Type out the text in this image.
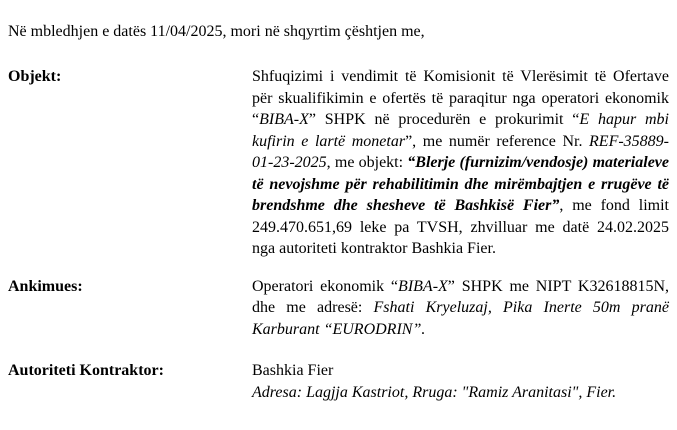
Në mbledhjen e datës 11/04/2025, mori në shqyrtim çështjen me,

Objekt:	Shfuqizimi i vendimit të Komisionit të Vlerësimit të Ofertave për skualifikimin e ofertës të paraqitur nga operatori ekonomik “BIBA-X” SHPK në procedurën e prokurimit “E hapur mbi kufirin e lartë monetar”, me numër reference Nr. REF-35889-01-23-2025, me objekt: “Blerje (furnizim/vendosje) materialeve të nevojshme për rehabilitimin dhe mirëmbajtjen e rrugëve të brendshme dhe shesheve të Bashkisë Fier”, me fond limit 249.470.651,69 leke pa TVSH, zhvilluar me datë 24.02.2025 nga autoriteti kontraktor Bashkia Fier.
Ankimues:	Operatori ekonomik “BIBA-X” SHPK me NIPT K32618815N, dhe me adresë: Fshati Kryeluzaj, Pika Inerte 50m pranë Karburant “EURODRIN”.
Autoriteti Kontraktor:	Bashkia Fier
Adresa: Lagjja Kastriot, Rruga: "Ramiz Aranitasi", Fier.
